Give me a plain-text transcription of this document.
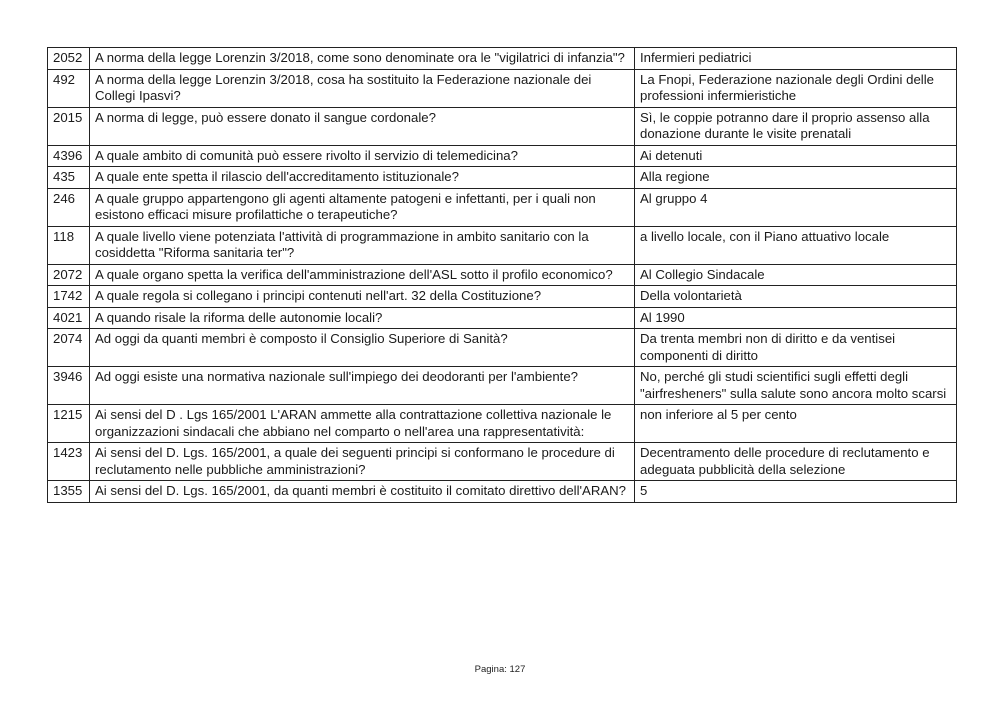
2052	A norma della legge Lorenzin 3/2018, come sono denominate ora le "vigilatrici di infanzia"?	Infermieri pediatrici
492	A norma della legge Lorenzin 3/2018, cosa ha sostituito la Federazione nazionale dei Collegi Ipasvi?	La Fnopi, Federazione nazionale degli Ordini delle professioni infermieristiche
2015	A norma di legge, può essere donato il sangue cordonale?	Sì, le coppie potranno dare il proprio assenso alla donazione durante le visite prenatali
4396	A quale ambito di comunità può essere rivolto il servizio di telemedicina?	Ai detenuti
435	A quale ente spetta il rilascio dell'accreditamento istituzionale?	Alla regione
246	A quale gruppo appartengono gli agenti altamente patogeni e infettanti, per i quali non esistono efficaci misure profilattiche o terapeutiche?	Al gruppo 4
118	A quale livello viene potenziata l'attività di programmazione in ambito sanitario con la cosiddetta "Riforma sanitaria ter"?	a livello locale, con il Piano attuativo locale
2072	A quale organo spetta la verifica dell'amministrazione dell'ASL sotto il profilo economico?	Al Collegio Sindacale
1742	A quale regola si collegano i principi contenuti nell'art. 32 della Costituzione?	Della volontarietà
4021	A quando risale la riforma delle autonomie locali?	Al 1990
2074	Ad oggi da quanti membri è composto il Consiglio Superiore di Sanità?	Da trenta membri non di diritto e da ventisei componenti di diritto
3946	Ad oggi esiste una normativa nazionale sull'impiego dei deodoranti per l'ambiente?	No, perché gli studi scientifici sugli effetti degli "airfresheners" sulla salute sono ancora molto scarsi
1215	Ai sensi del D . Lgs 165/2001 L'ARAN ammette alla contrattazione collettiva nazionale le organizzazioni sindacali che abbiano nel comparto o nell'area una rappresentatività:	non inferiore al 5 per cento
1423	Ai sensi del D. Lgs. 165/2001, a quale dei seguenti principi si conformano le procedure di reclutamento nelle pubbliche amministrazioni?	Decentramento delle procedure di reclutamento e adeguata pubblicità della selezione
1355	Ai sensi del D. Lgs. 165/2001, da quanti membri è costituito il comitato direttivo dell'ARAN?	5
Pagina: 127
